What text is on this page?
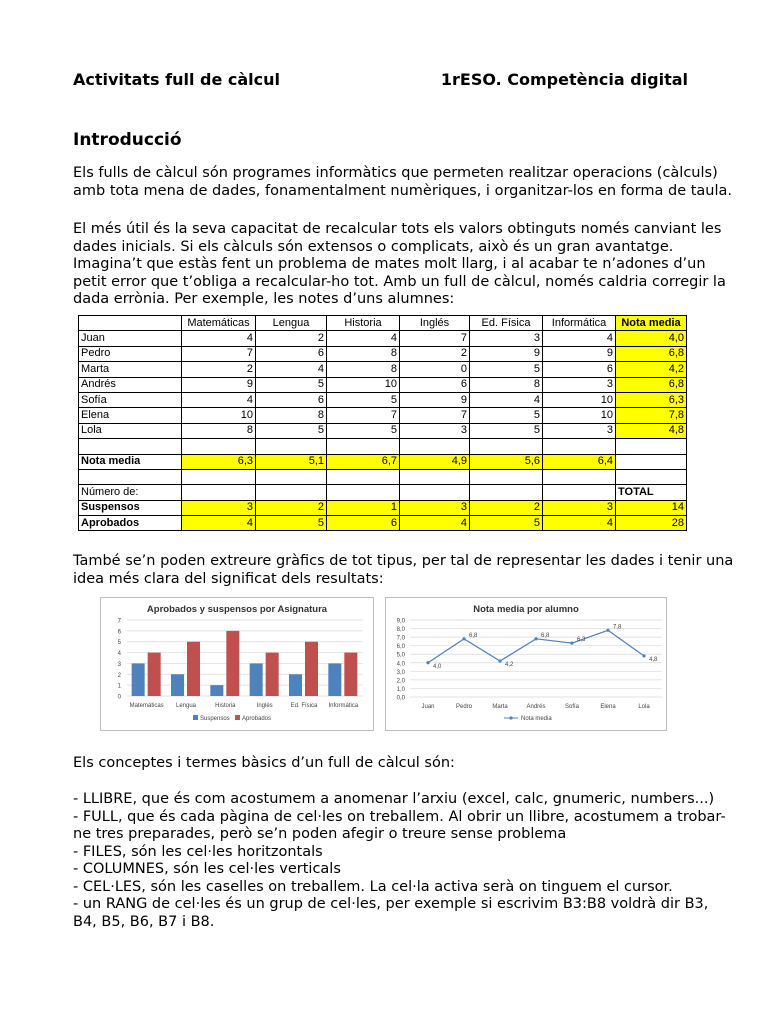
Activitats full de càlcul	1rESO. Competència digital
Introducció
Els fulls de càlcul són programes informàtics que permeten realitzar operacions (càlculs)
amb tota mena de dades, fonamentalment numèriques, i organitzar-los en forma de taula.
El més útil és la seva capacitat de recalcular tots els valors obtinguts només canviant les
dades inicials. Si els càlculs són extensos o complicats, això és un gran avantatge.
Imagina’t que estàs fent un problema de mates molt llarg, i al acabar te n’adones d’un
petit error que t’obliga a recalcular-ho tot. Amb un full de càlcul, només caldria corregir la
dada errònia. Per exemple, les notes d’uns alumnes:
	Matemáticas	Lengua	Historia	Inglés	Ed. Física	Informática	Nota media
Juan	4	2	4	7	3	4	4,0
Pedro	7	6	8	2	9	9	6,8
Marta	2	4	8	0	5	6	4,2
Andrés	9	5	10	6	8	3	6,8
Sofía	4	6	5	9	4	10	6,3
Elena	10	8	7	7	5	10	7,8
Lola	8	5	5	3	5	3	4,8

Nota media	6,3	5,1	6,7	4,9	5,6	6,4	

Número de:							TOTAL
Suspensos	3	2	1	3	2	3	14
Aprobados	4	5	6	4	5	4	28
També se’n poden extreure gràfics de tot tipus, per tal de representar les dades i tenir una
idea més clara del significat dels resultats:
Aprobados y suspensos por Asignatura
0
1
2
3
4
5
6
7
Matemáticas Lengua	Historia	Inglés	Ed. Física Informática
Suspensos Aprobados
Nota media por alumno
0,0
1,0
2,0
3,0
4,0
5,0
6,0
7,0
8,0
9,0
4,0
Juan
6,8
Pedro
4,2
Marta
6,8
Andrés
6,3
Sofía
7,8
Elena
4,8
Lola
Nota media
Els conceptes i termes bàsics d’un full de càlcul són:
- LLIBRE, que és com acostumem a anomenar l’arxiu (excel, calc, gnumeric, numbers...)
- FULL, que és cada pàgina de cel·les on treballem. Al obrir un llibre, acostumem a trobar-
ne tres preparades, però se’n poden afegir o treure sense problema
- FILES, són les cel·les horitzontals
- COLUMNES, són les cel·les verticals
- CEL·LES, són les caselles on treballem. La cel·la activa serà on tinguem el cursor.
- un RANG de cel·les és un grup de cel·les, per exemple si escrivim B3:B8 voldrà dir B3,
B4, B5, B6, B7 i B8.
